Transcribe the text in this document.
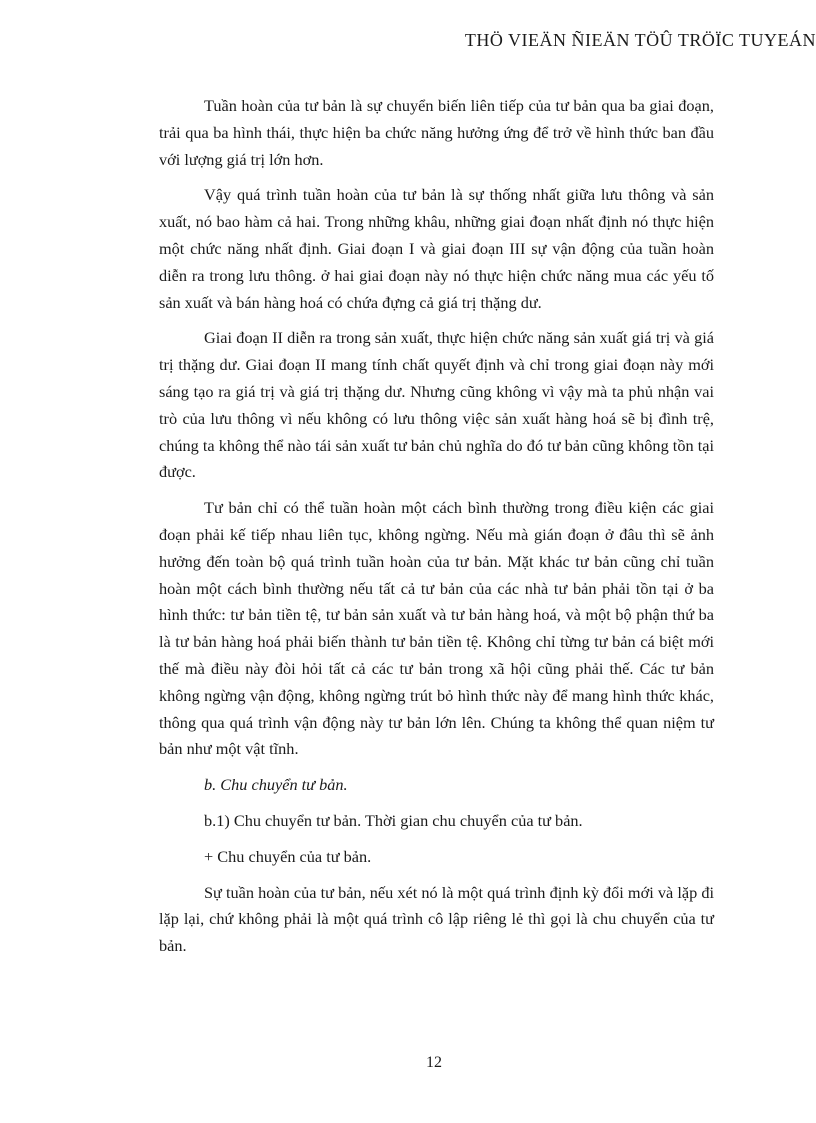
THÖ VIEÄN ÑIEÄN TÖÛ TRÖÏC TUYEÁN

Tuần hoàn của tư bản là sự chuyển biến liên tiếp của tư bản qua ba giai đoạn, trải qua ba hình thái, thực hiện ba chức năng hưởng ứng để trở về hình thức ban đầu với lượng giá trị lớn hơn.

Vậy quá trình tuần hoàn của tư bản là sự thống nhất giữa lưu thông và sản xuất, nó bao hàm cả hai. Trong những khâu, những giai đoạn nhất định nó thực hiện một chức năng nhất định. Giai đoạn I và giai đoạn III sự vận động của tuần hoàn diễn ra trong lưu thông. ở hai giai đoạn này nó thực hiện chức năng mua các yếu tố sản xuất và bán hàng hoá có chứa đựng cả giá trị thặng dư.

Giai đoạn II diễn ra trong sản xuất, thực hiện chức năng sản xuất giá trị và giá trị thặng dư. Giai đoạn II mang tính chất quyết định và chỉ trong giai đoạn này mới sáng tạo ra giá trị và giá trị thặng dư. Nhưng cũng không vì vậy mà ta phủ nhận vai trò của lưu thông vì nếu không có lưu thông việc sản xuất hàng hoá sẽ bị đình trệ, chúng ta không thể nào tái sản xuất tư bản chủ nghĩa do đó tư bản cũng không tồn tại được.

Tư bản chỉ có thể tuần hoàn một cách bình thường trong điều kiện các giai đoạn phải kế tiếp nhau liên tục, không ngừng. Nếu mà gián đoạn ở đâu thì sẽ ảnh hưởng đến toàn bộ quá trình tuần hoàn của tư bản. Mặt khác tư bản cũng chỉ tuần hoàn một cách bình thường nếu tất cả tư bản của các nhà tư bản phải tồn tại ở ba hình thức: tư bản tiền tệ, tư bản sản xuất và tư bản hàng hoá, và một bộ phận thứ ba là tư bản hàng hoá phải biến thành tư bản tiền tệ. Không chỉ từng tư bản cá biệt mới thế mà điều này đòi hỏi tất cả các tư bản trong xã hội cũng phải thế. Các tư bản không ngừng vận động, không ngừng trút bỏ hình thức này để mang hình thức khác, thông qua quá trình vận động này tư bản lớn lên. Chúng ta không thể quan niệm tư bản như một vật tĩnh.

b. Chu chuyển tư bản.

b.1) Chu chuyển tư bản. Thời gian chu chuyển của tư bản.

+ Chu chuyển của tư bản.

Sự tuần hoàn của tư bản, nếu xét nó là một quá trình định kỳ đổi mới và lặp đi lặp lại, chứ không phải là một quá trình cô lập riêng lẻ thì gọi là chu chuyển của tư bản.

12
